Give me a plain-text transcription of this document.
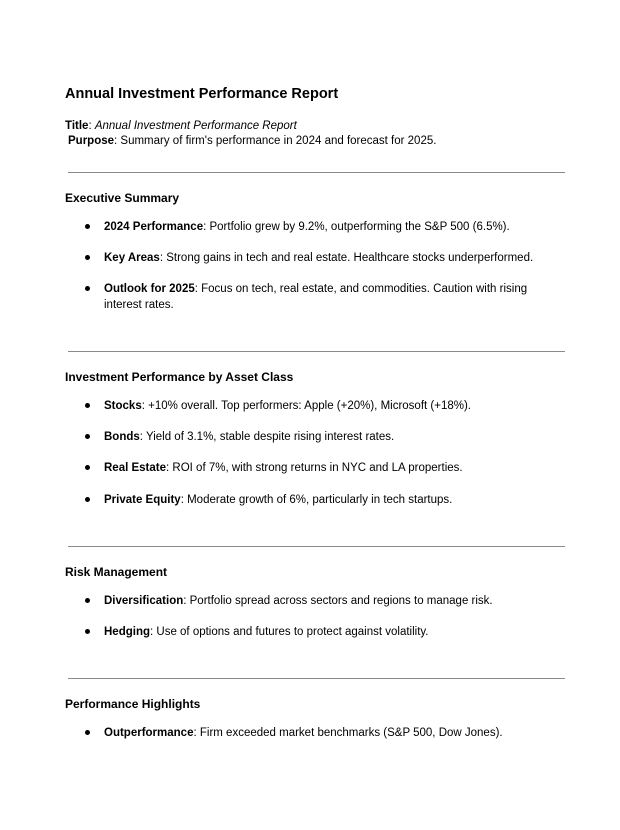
Annual Investment Performance Report
Title: Annual Investment Performance Report
Purpose: Summary of firm's performance in 2024 and forecast for 2025.
Executive Summary
2024 Performance: Portfolio grew by 9.2%, outperforming the S&P 500 (6.5%).
Key Areas: Strong gains in tech and real estate. Healthcare stocks underperformed.
Outlook for 2025: Focus on tech, real estate, and commodities. Caution with rising interest rates.
Investment Performance by Asset Class
Stocks: +10% overall. Top performers: Apple (+20%), Microsoft (+18%).
Bonds: Yield of 3.1%, stable despite rising interest rates.
Real Estate: ROI of 7%, with strong returns in NYC and LA properties.
Private Equity: Moderate growth of 6%, particularly in tech startups.
Risk Management
Diversification: Portfolio spread across sectors and regions to manage risk.
Hedging: Use of options and futures to protect against volatility.
Performance Highlights
Outperformance: Firm exceeded market benchmarks (S&P 500, Dow Jones).
